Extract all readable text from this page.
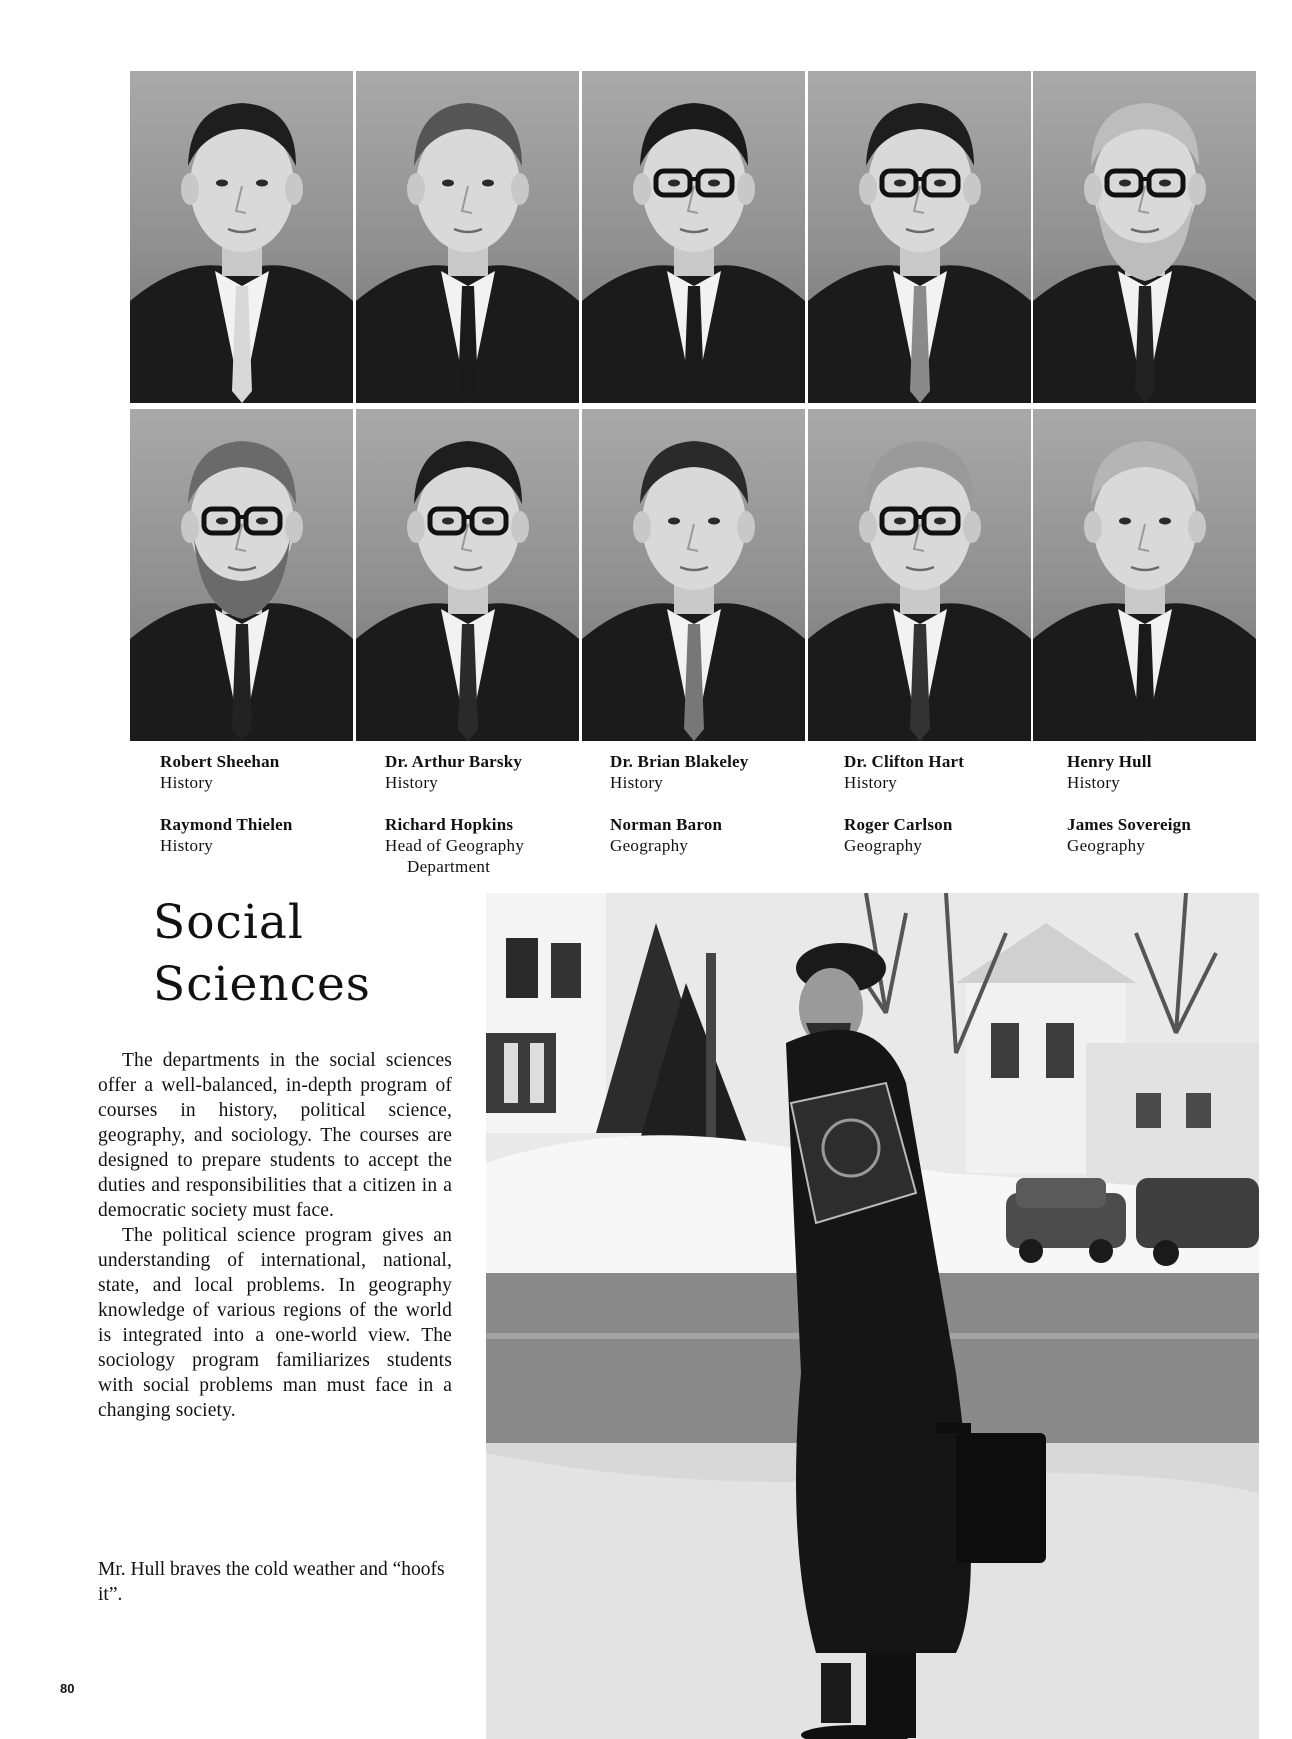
Robert Sheehan
History
Dr. Arthur Barsky
History
Dr. Brian Blakeley
History
Dr. Clifton Hart
History
Henry Hull
History
Raymond Thielen
History
Richard Hopkins
Head of Geography
Department
Norman Baron
Geography
Roger Carlson
Geography
James Sovereign
Geography
Social
Sciences

The departments in the social sciences offer a well-balanced, in-depth program of courses in history, political science, geography, and sociology. The courses are designed to prepare students to accept the duties and responsibilities that a citizen in a democratic society must face.

The political science program gives an understanding of international, national, state, and local problems. In geography knowledge of various regions of the world is integrated into a one-world view. The sociology program familiarizes students with social problems man must face in a changing society.

Mr. Hull braves the cold weather and “hoofs it”.

80
